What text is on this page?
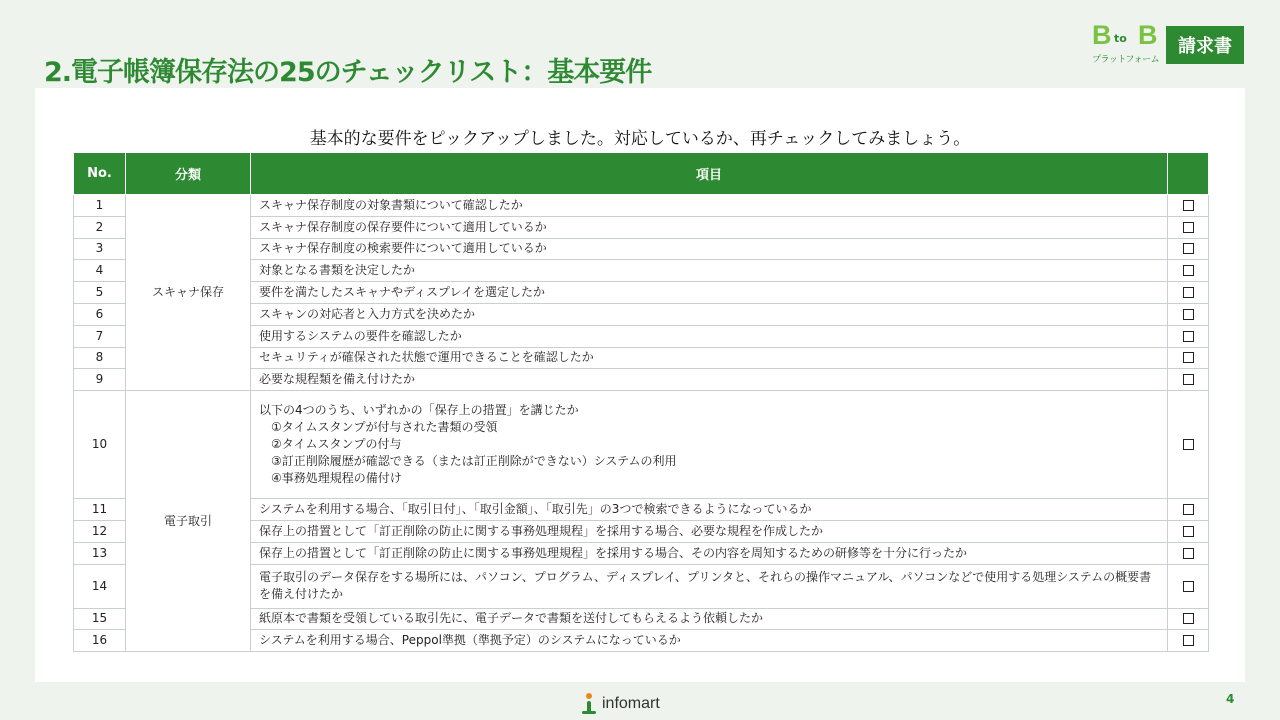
2.電子帳簿保存法の25のチェックリスト：基本要件
B to B
プラットフォーム
請求書
基本的な要件をピックアップしました。対応しているか、再チェックしてみましょう。
No.	分類	項目	
1	スキャナ保存	スキャナ保存制度の対象書類について確認したか	
2		スキャナ保存制度の保存要件について適用しているか	
3		スキャナ保存制度の検索要件について適用しているか	
4		対象となる書類を決定したか	
5		要件を満たしたスキャナやディスプレイを選定したか	
6		スキャンの対応者と入力方式を決めたか	
7		使用するシステムの要件を確認したか	
8		セキュリティが確保された状態で運用できることを確認したか	
9		必要な規程類を備え付けたか	
10	電子取引	以下の4つのうち、いずれかの「保存上の措置」を講じたか
①タイムスタンプが付与された書類の受領
②タイムスタンプの付与
③訂正削除履歴が確認できる（または訂正削除ができない）システムの利用
④事務処理規程の備付け	

11		システムを利用する場合、「取引日付」、「取引金額」、「取引先」の3つで検索できるようになっているか	
12		保存上の措置として「訂正削除の防止に関する事務処理規程」を採用する場合、必要な規程を作成したか	
13		保存上の措置として「訂正削除の防止に関する事務処理規程」を採用する場合、その内容を周知するための研修等を十分に行ったか	
14		電子取引のデータ保存をする場所には、パソコン、プログラム、ディスプレイ、プリンタと、それらの操作マニュアル、パソコンなどで使用する処理システムの概要書を備え付けたか	
15		紙原本で書類を受領している取引先に、電子データで書類を送付してもらえるよう依頼したか	
16		システムを利用する場合、Peppol準拠（準拠予定）のシステムになっているか	
infomart	4
